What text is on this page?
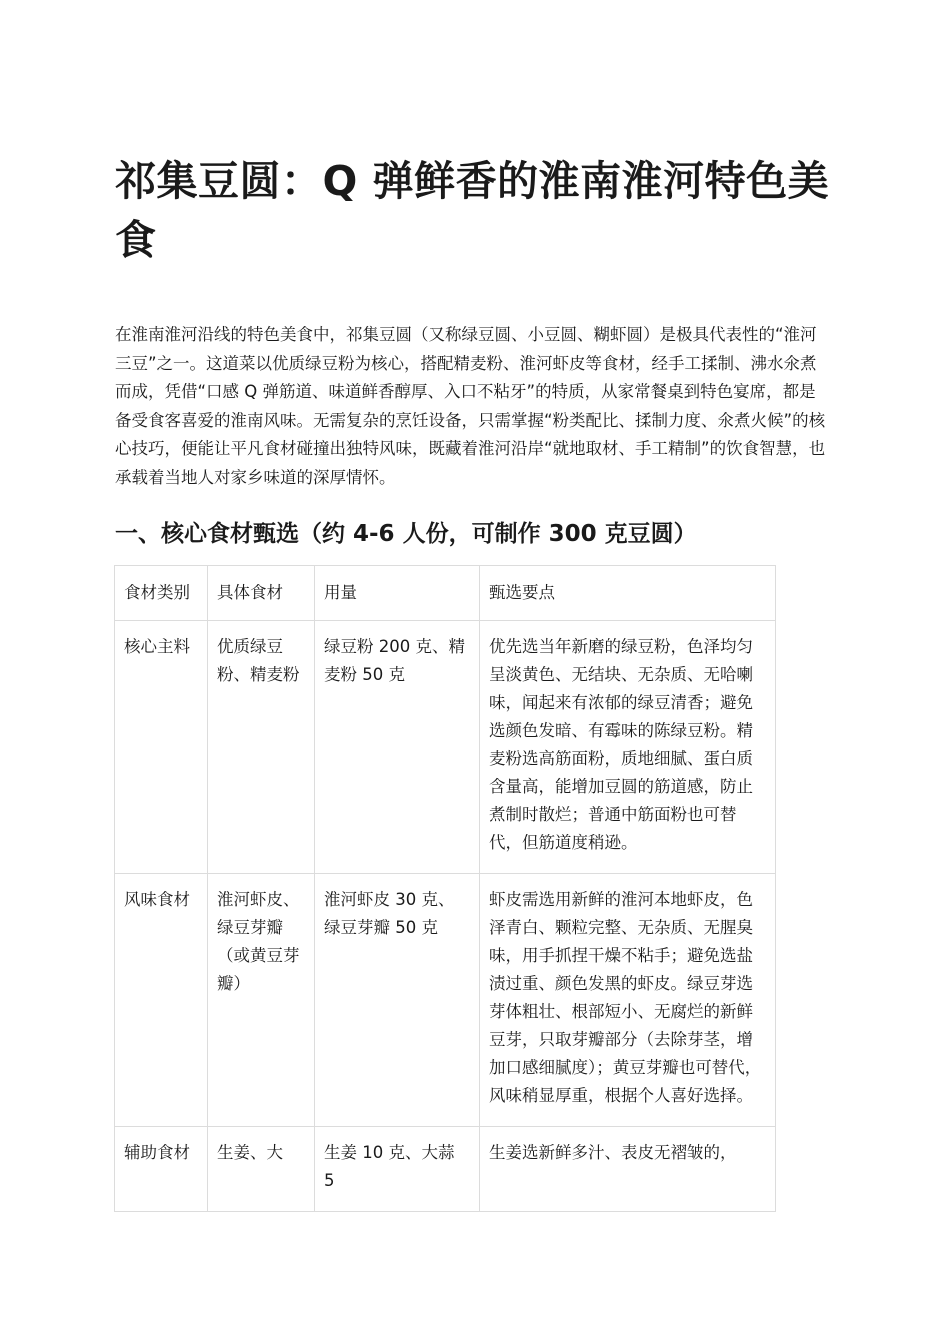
祁集豆圆：Q 弹鲜香的淮南淮河特色美食

在淮南淮河沿线的特色美食中，祁集豆圆（又称绿豆圆、小豆圆、糊虾圆）是极具代表性的“淮河三豆”之一。这道菜以优质绿豆粉为核心，搭配精麦粉、淮河虾皮等食材，经手工揉制、沸水氽煮而成，凭借“口感 Q 弹筋道、味道鲜香醇厚、入口不粘牙”的特质，从家常餐桌到特色宴席，都是备受食客喜爱的淮南风味。无需复杂的烹饪设备，只需掌握“粉类配比、揉制力度、氽煮火候”的核心技巧，便能让平凡食材碰撞出独特风味，既藏着淮河沿岸“就地取材、手工精制”的饮食智慧，也承载着当地人对家乡味道的深厚情怀。

一、核心食材甄选（约 4-6 人份，可制作 300 克豆圆）
食材类别	具体食材	用量	甄选要点
核心主料	优质绿豆粉、精麦粉	绿豆粉 200 克、精麦粉 50 克	优先选当年新磨的绿豆粉，色泽均匀呈淡黄色、无结块、无杂质、无哈喇味，闻起来有浓郁的绿豆清香；避免选颜色发暗、有霉味的陈绿豆粉。精麦粉选高筋面粉，质地细腻、蛋白质含量高，能增加豆圆的筋道感，防止煮制时散烂；普通中筋面粉也可替代，但筋道度稍逊。
风味食材	淮河虾皮、绿豆芽瓣（或黄豆芽瓣）	淮河虾皮 30 克、绿豆芽瓣 50 克	虾皮需选用新鲜的淮河本地虾皮，色泽青白、颗粒完整、无杂质、无腥臭味，用手抓捏干燥不粘手；避免选盐渍过重、颜色发黑的虾皮。绿豆芽选芽体粗壮、根部短小、无腐烂的新鲜豆芽，只取芽瓣部分（去除芽茎，增加口感细腻度）；黄豆芽瓣也可替代，风味稍显厚重，根据个人喜好选择。
辅助食材	生姜、大	生姜 10 克、大蒜 5	生姜选新鲜多汁、表皮无褶皱的，
